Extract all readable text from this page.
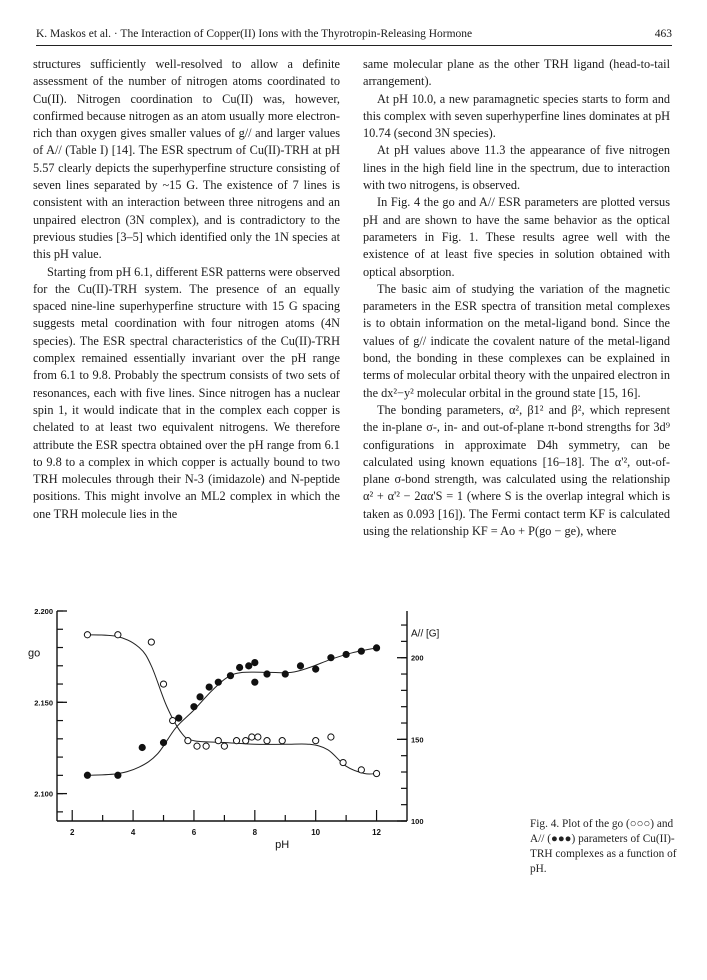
K. Maskos et al. · The Interaction of Copper(II) Ions with the Thyrotropin-Releasing Hormone	463

structures sufficiently well-resolved to allow a definite assessment of the number of nitrogen atoms coordinated to Cu(II). Nitrogen coordination to Cu(II) was, however, confirmed because nitrogen as an atom usually more electron-rich than oxygen gives smaller values of g// and larger values of A// (Table I) [14]. The ESR spectrum of Cu(II)-TRH at pH 5.57 clearly depicts the superhyperfine structure consisting of seven lines separated by ~15 G. The existence of 7 lines is consistent with an interaction between three nitrogens and an unpaired electron (3N complex), and is contradictory to the previous studies [3–5] which identified only the 1N species at this pH value.

Starting from pH 6.1, different ESR patterns were observed for the Cu(II)-TRH system. The presence of an equally spaced nine-line superhyperfine structure with 15 G spacing suggests metal coordination with four nitrogen atoms (4N species). The ESR spectral characteristics of the Cu(II)-TRH complex remained essentially invariant over the pH range from 6.1 to 9.8. Probably the spectrum consists of two sets of resonances, each with five lines. Since nitrogen has a nuclear spin 1, it would indicate that in the complex each copper is chelated to at least two equivalent nitrogens. We therefore attribute the ESR spectra obtained over the pH range from 6.1 to 9.8 to a complex in which copper is actually bound to two TRH molecules through their N-3 (imidazole) and N-peptide positions. This might involve an ML2 complex in which the one TRH molecule lies in the

same molecular plane as the other TRH ligand (head-to-tail arrangement).

At pH 10.0, a new paramagnetic species starts to form and this complex with seven superhyperfine lines dominates at pH 10.74 (second 3N species).

At pH values above 11.3 the appearance of five nitrogen lines in the high field line in the spectrum, due to interaction with two nitrogens, is observed.

In Fig. 4 the go and A// ESR parameters are plotted versus pH and are shown to have the same behavior as the optical parameters in Fig. 1. These results agree well with the existence of at least five species in solution obtained with optical absorption.

The basic aim of studying the variation of the magnetic parameters in the ESR spectra of transition metal complexes is to obtain information on the metal-ligand bond. Since the values of g// indicate the covalent nature of the metal-ligand bond, the bonding in these complexes can be explained in terms of molecular orbital theory with the unpaired electron in the dx²−y² molecular orbital in the ground state [15, 16].

The bonding parameters, α², β1² and β², which represent the in-plane σ-, in- and out-of-plane π-bond strengths for 3d⁹ configurations in approximate D4h symmetry, can be calculated using known equations [16–18]. The α'², out-of-plane σ-bond strength, was calculated using the relationship α² + α'² − 2αα'S = 1 (where S is the overlap integral which is taken as 0.093 [16]). The Fermi contact term KF is calculated using the relationship KF = Ao + P(go − ge), where

2	4	6	8	10	12
2.200
2.150
2.100
200
150
100
pH
go
A// [G]
Fig. 4. Plot of the go (○○○) and A// (●●●) parameters of Cu(II)-TRH complexes as a function of pH.
